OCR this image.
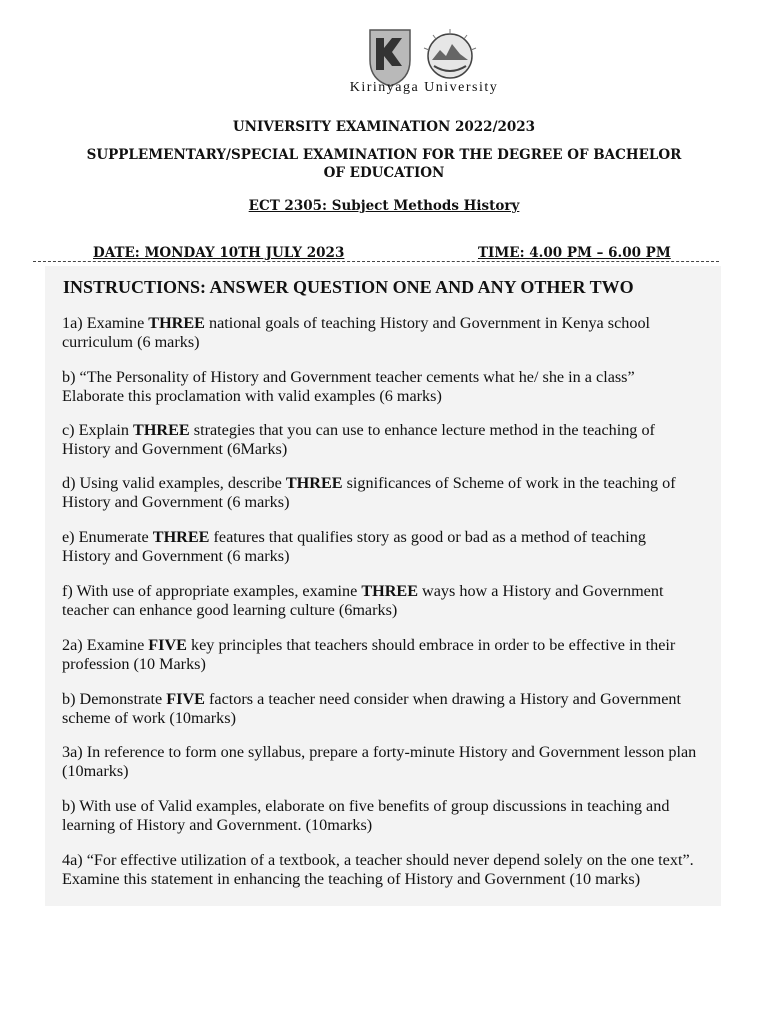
Kirinyaga University
UNIVERSITY EXAMINATION 2022/2023
SUPPLEMENTARY/SPECIAL EXAMINATION FOR THE DEGREE OF BACHELOR OF EDUCATION
ECT 2305: Subject Methods History
DATE: MONDAY 10TH JULY 2023	TIME: 4.00 PM – 6.00 PM
INSTRUCTIONS: ANSWER QUESTION ONE AND ANY OTHER TWO
1a) Examine THREE national goals of teaching History and Government in Kenya school curriculum (6 marks)
b) “The Personality of History and Government teacher cements what he/ she in a class” Elaborate this proclamation with valid examples (6 marks)
c) Explain THREE strategies that you can use to enhance lecture method in the teaching of History and Government (6Marks)
d) Using valid examples, describe THREE significances of Scheme of work in the teaching of History and Government (6 marks)
e) Enumerate THREE features that qualifies story as good or bad as a method of teaching History and Government (6 marks)
f) With use of appropriate examples, examine THREE ways how a History and Government teacher can enhance good learning culture (6marks)
2a) Examine FIVE key principles that teachers should embrace in order to be effective in their profession (10 Marks)
b) Demonstrate FIVE factors a teacher need consider when drawing a History and Government scheme of work (10marks)
3a) In reference to form one syllabus, prepare a forty-minute History and Government lesson plan (10marks)
b) With use of Valid examples, elaborate on five benefits of group discussions in teaching and learning of History and Government. (10marks)
4a) “For effective utilization of a textbook, a teacher should never depend solely on the one text”. Examine this statement in enhancing the teaching of History and Government (10 marks)
